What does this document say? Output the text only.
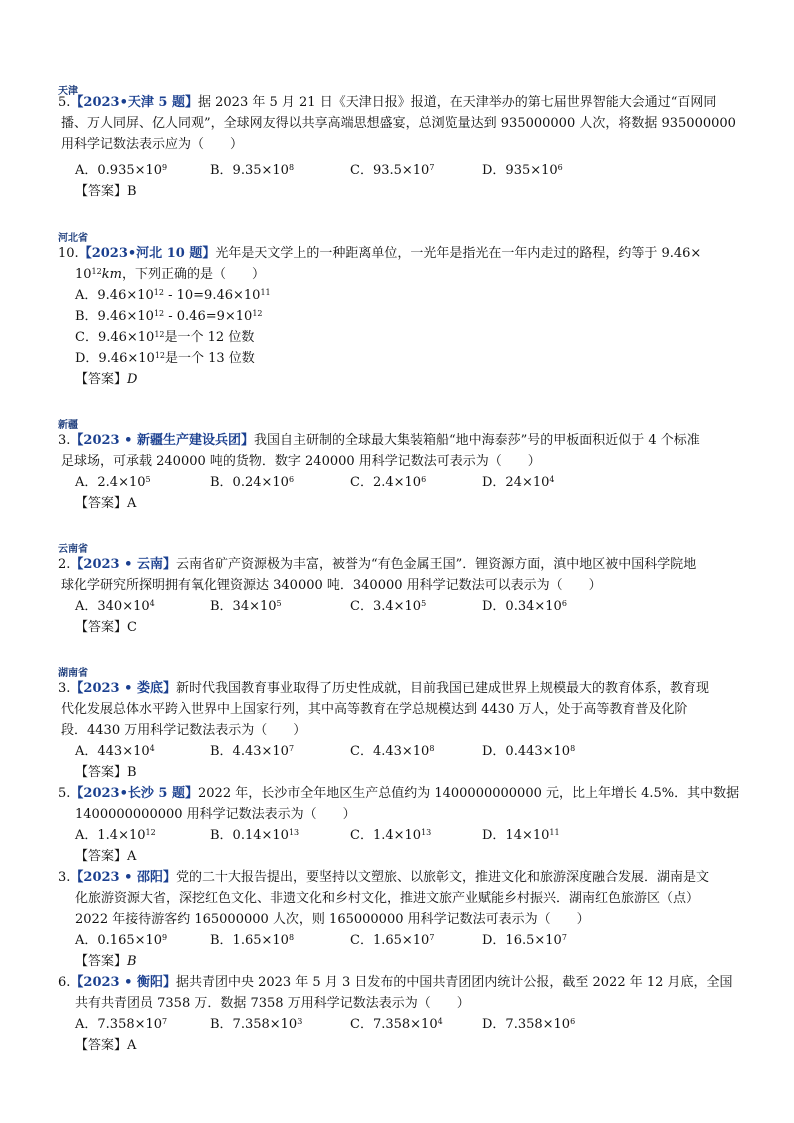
天津
5.【2023•天津 5 题】据 2023 年 5 月 21 日《天津日报》报道，在天津举办的第七届世界智能大会通过“百网同
播、万人同屏、亿人同观”，全球网友得以共享高端思想盛宴，总浏览量达到 935000000 人次，将数据 935000000
用科学记数法表示应为（　　）
A．$0.935\times 10^9$	B．$9.35\times 10^8$	C．$93.5\times 10^7$	D．$935\times 10^6$
【答案】B
河北省
10.【2023•河北 10 题】光年是天文学上的一种距离单位，一光年是指光在一年内走过的路程，约等于 9.46×
$10^{12}km$，下列正确的是（　　）
A．$9.46\times 10^{12} - 10=9.46\times 10^{11}$
B．$9.46\times 10^{12} - 0.46=9\times 10^{12}$
C．$9.46\times 10^{12}$是一个 12 位数
D．$9.46\times 10^{12}$是一个 13 位数
【答案】D
新疆
3.【2023 • 新疆生产建设兵团】我国自主研制的全球最大集装箱船“地中海泰莎”号的甲板面积近似于 4 个标准
足球场，可承载 240000 吨的货物．数字 240000 用科学记数法可表示为（　　）
A．$2.4\times 10^5$	B．$0.24\times 10^6$	C．$2.4\times 10^6$	D．$24\times 10^4$
【答案】A
云南省
2.【2023 • 云南】云南省矿产资源极为丰富，被誉为“有色金属王国”．锂资源方面，滇中地区被中国科学院地
球化学研究所探明拥有氧化锂资源达 340000 吨．340000 用科学记数法可以表示为（　　）
A．$340\times 10^4$	B．$34\times 10^5$	C．$3.4\times 10^5$	D．$0.34\times 10^6$
【答案】C
湖南省
3.【2023 • 娄底】新时代我国教育事业取得了历史性成就，目前我国已建成世界上规模最大的教育体系，教育现
代化发展总体水平跨入世界中上国家行列，其中高等教育在学总规模达到 4430 万人，处于高等教育普及化阶
段．4430 万用科学记数法表示为（　　）
A．$443\times 10^4$	B．$4.43\times 10^7$	C．$4.43\times 10^8$	D．$0.443\times 10^8$
【答案】B
5.【2023•长沙 5 题】2022 年，长沙市全年地区生产总值约为 1400000000000 元，比上年增长 4.5%．其中数据
1400000000000 用科学记数法表示为（　　）
A．$1.4\times 10^{12}$	B．$0.14\times 10^{13}$	C．$1.4\times 10^{13}$	D．$14\times 10^{11}$
【答案】A
3.【2023 • 邵阳】党的二十大报告提出，要坚持以文塑旅、以旅彰文，推进文化和旅游深度融合发展．湖南是文
化旅游资源大省，深挖红色文化、非遗文化和乡村文化，推进文旅产业赋能乡村振兴．湖南红色旅游区（点）
2022 年接待游客约 165000000 人次，则 165000000 用科学记数法可表示为（　　）
A．$0.165\times 10^9$	B．$1.65\times 10^8$	C．$1.65\times 10^7$	D．$16.5\times 10^7$
【答案】B
6.【2023 • 衡阳】据共青团中央 2023 年 5 月 3 日发布的中国共青团团内统计公报，截至 2022 年 12 月底，全国
共有共青团员 7358 万．数据 7358 万用科学记数法表示为（　　）
A．$7.358\times 10^7$	B．$7.358\times 10^3$	C．$7.358\times 10^4$	D．$7.358\times 10^6$
【答案】A
